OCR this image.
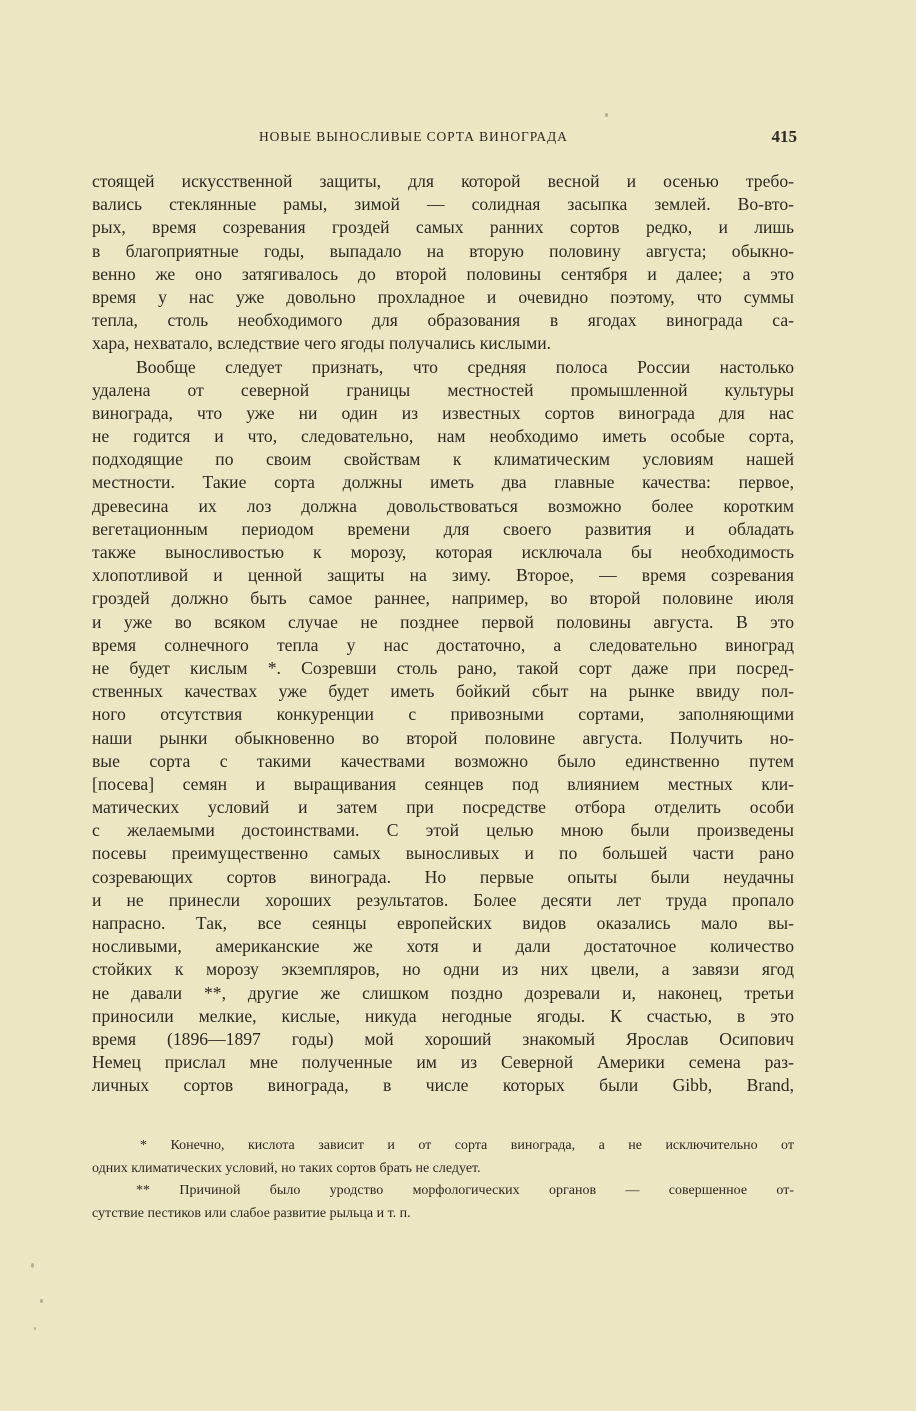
НОВЫЕ ВЫНОСЛИВЫЕ СОРТА ВИНОГРАДА	415
стоящей искусственной защиты, для которой весной и осенью требо-
вались стеклянные рамы, зимой — солидная засыпка землей. Во-вто-
рых, время созревания гроздей самых ранних сортов редко, и лишь
в благоприятные годы, выпадало на вторую половину августа; обыкно-
венно же оно затягивалось до второй половины сентября и далее; а это
время у нас уже довольно прохладное и очевидно поэтому, что суммы
тепла, столь необходимого для образования в ягодах винограда са-
хара, нехватало, вследствие чего ягоды получались кислыми.
Вообще следует признать, что средняя полоса России настолько
удалена от северной границы местностей промышленной культуры
винограда, что уже ни один из известных сортов винограда для нас
не годится и что, следовательно, нам необходимо иметь особые сорта,
подходящие по своим свойствам к климатическим условиям нашей
местности. Такие сорта должны иметь два главные качества: первое,
древесина их лоз должна довольствоваться возможно более коротким
вегетационным периодом времени для своего развития и обладать
также выносливостью к морозу, которая исключала бы необходимость
хлопотливой и ценной защиты на зиму. Второе, — время созревания
гроздей должно быть самое раннее, например, во второй половине июля
и уже во всяком случае не позднее первой половины августа. В это
время солнечного тепла у нас достаточно, а следовательно виноград
не будет кислым *. Созревши столь рано, такой сорт даже при посред-
ственных качествах уже будет иметь бойкий сбыт на рынке ввиду пол-
ного отсутствия конкуренции с привозными сортами, заполняющими
наши рынки обыкновенно во второй половине августа. Получить но-
вые сорта с такими качествами возможно было единственно путем
[посева] семян и выращивания сеянцев под влиянием местных кли-
матических условий и затем при посредстве отбора отделить особи
с желаемыми достоинствами. С этой целью мною были произведены
посевы преимущественно самых выносливых и по большей части рано
созревающих сортов винограда. Но первые опыты были неудачны
и не принесли хороших результатов. Более десяти лет труда пропало
напрасно. Так, все сеянцы европейских видов оказались мало вы-
носливыми, американские же хотя и дали достаточное количество
стойких к морозу экземпляров, но одни из них цвели, а завязи ягод
не давали **, другие же слишком поздно дозревали и, наконец, третьи
приносили мелкие, кислые, никуда негодные ягоды. К счастью, в это
время (1896—1897 годы) мой хороший знакомый Ярослав Осипович
Немец прислал мне полученные им из Северной Америки семена раз-
личных сортов винограда, в числе которых были Gibb, Brand,
* Конечно, кислота зависит и от сорта винограда, а не исключительно от
одних климатических условий, но таких сортов брать не следует.
** Причиной было уродство морфологических органов — совершенное от-
сутствие пестиков или слабое развитие рыльца и т. п.
